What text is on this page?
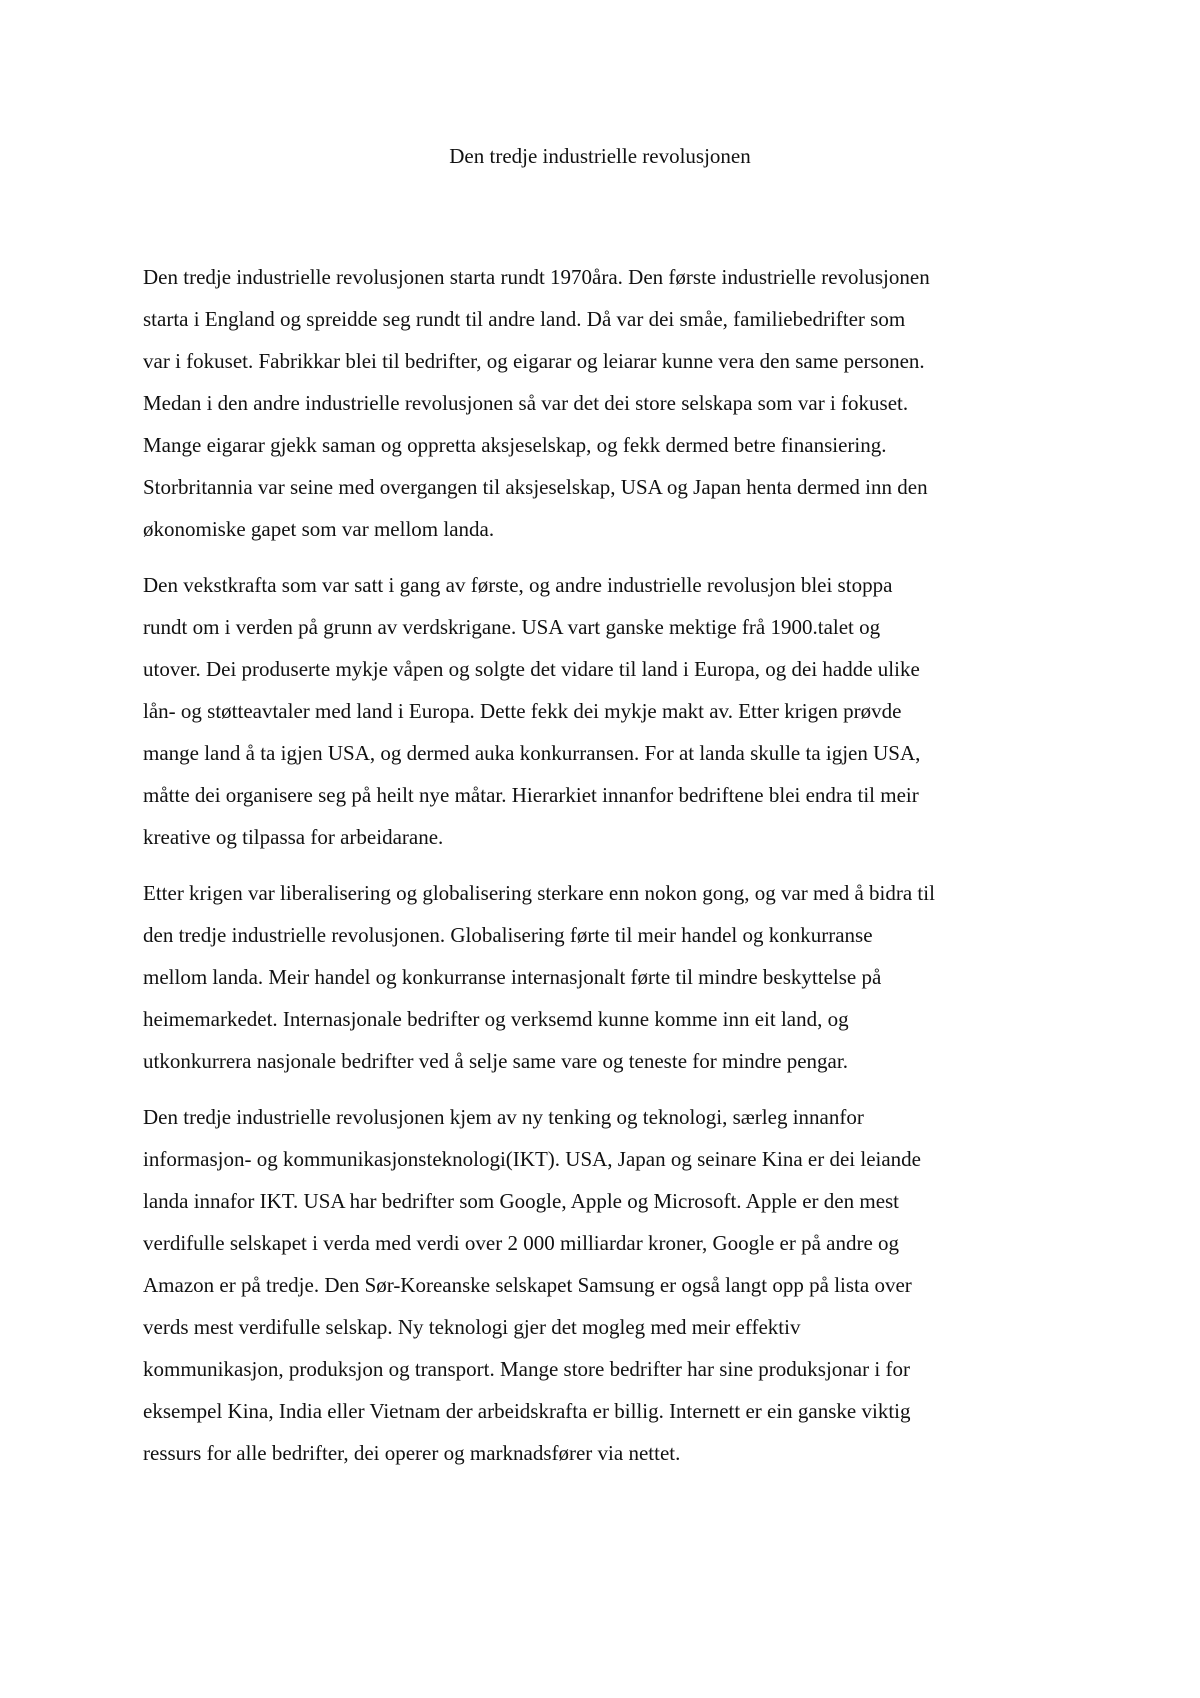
Den tredje industrielle revolusjonen

Den tredje industrielle revolusjonen starta rundt 1970åra. Den første industrielle revolusjonen
starta i England og spreidde seg rundt til andre land. Då var dei småe, familiebedrifter som
var i fokuset. Fabrikkar blei til bedrifter, og eigarar og leiarar kunne vera den same personen.
Medan i den andre industrielle revolusjonen så var det dei store selskapa som var i fokuset.
Mange eigarar gjekk saman og oppretta aksjeselskap, og fekk dermed betre finansiering.
Storbritannia var seine med overgangen til aksjeselskap, USA og Japan henta dermed inn den
økonomiske gapet som var mellom landa.

Den vekstkrafta som var satt i gang av første, og andre industrielle revolusjon blei stoppa
rundt om i verden på grunn av verdskrigane. USA vart ganske mektige frå 1900.talet og
utover. Dei produserte mykje våpen og solgte det vidare til land i Europa, og dei hadde ulike
lån- og støtteavtaler med land i Europa. Dette fekk dei mykje makt av. Etter krigen prøvde
mange land å ta igjen USA, og dermed auka konkurransen. For at landa skulle ta igjen USA,
måtte dei organisere seg på heilt nye måtar. Hierarkiet innanfor bedriftene blei endra til meir
kreative og tilpassa for arbeidarane.

Etter krigen var liberalisering og globalisering sterkare enn nokon gong, og var med å bidra til
den tredje industrielle revolusjonen. Globalisering førte til meir handel og konkurranse
mellom landa. Meir handel og konkurranse internasjonalt førte til mindre beskyttelse på
heimemarkedet. Internasjonale bedrifter og verksemd kunne komme inn eit land, og
utkonkurrera nasjonale bedrifter ved å selje same vare og teneste for mindre pengar.

Den tredje industrielle revolusjonen kjem av ny tenking og teknologi, særleg innanfor
informasjon- og kommunikasjonsteknologi(IKT). USA, Japan og seinare Kina er dei leiande
landa innafor IKT. USA har bedrifter som Google, Apple og Microsoft. Apple er den mest
verdifulle selskapet i verda med verdi over 2 000 milliardar kroner, Google er på andre og
Amazon er på tredje. Den Sør-Koreanske selskapet Samsung er også langt opp på lista over
verds mest verdifulle selskap. Ny teknologi gjer det mogleg med meir effektiv
kommunikasjon, produksjon og transport. Mange store bedrifter har sine produksjonar i for
eksempel Kina, India eller Vietnam der arbeidskrafta er billig. Internett er ein ganske viktig
ressurs for alle bedrifter, dei operer og marknadsfører via nettet.
